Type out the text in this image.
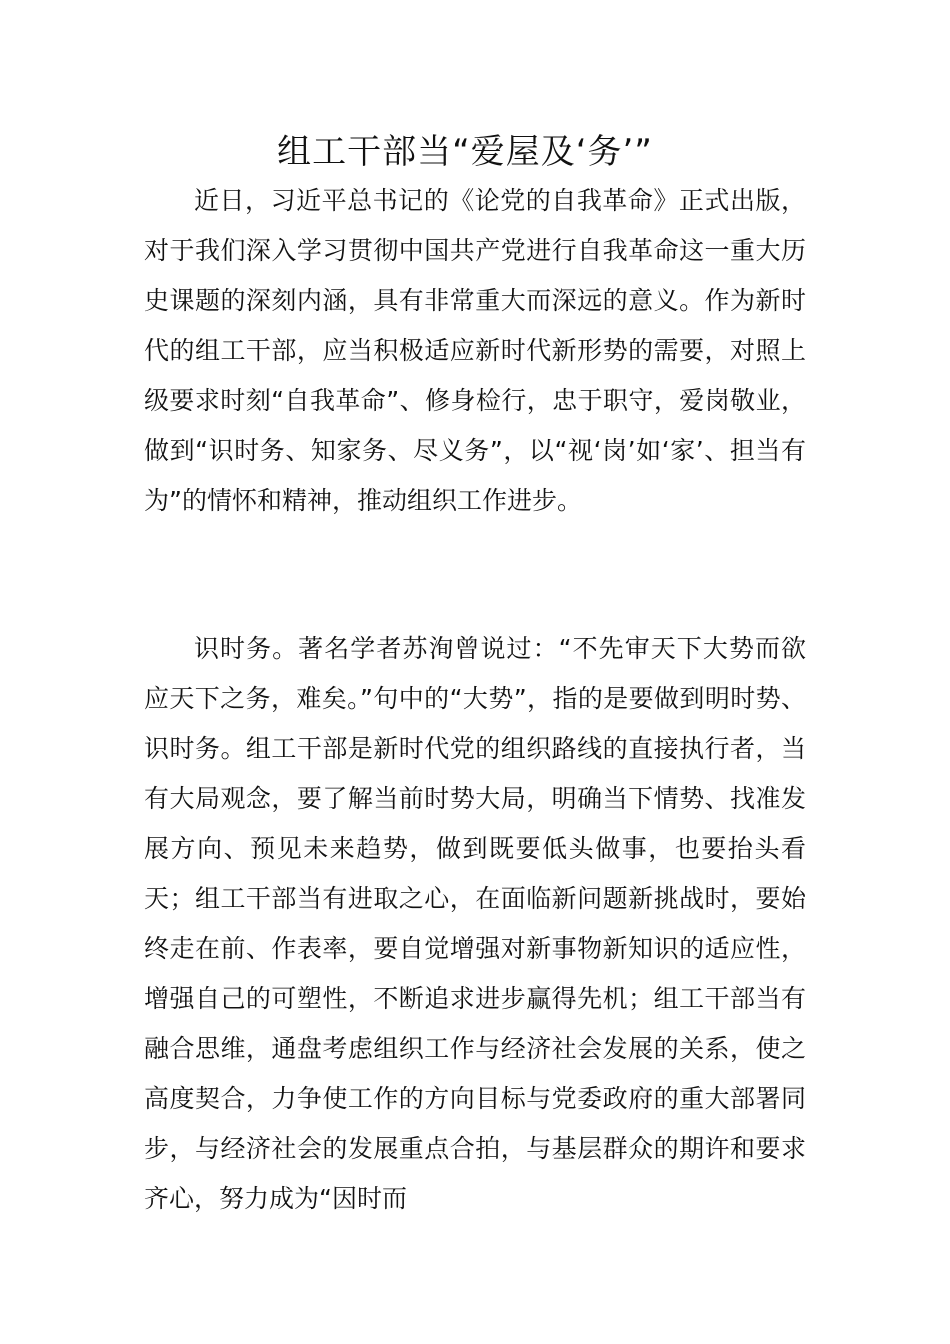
组工干部当“爱屋及‘务’”

近日，习近平总书记的《论党的自我革命》正式出版，对于我们深入学习贯彻中国共产党进行自我革命这一重大历史课题的深刻内涵，具有非常重大而深远的意义。作为新时代的组工干部，应当积极适应新时代新形势的需要，对照上级要求时刻“自我革命”、修身检行，忠于职守，爱岗敬业，做到“识时务、知家务、尽义务”，以“视‘岗’如‘家’、担当有为”的情怀和精神，推动组织工作进步。

识时务。著名学者苏洵曾说过：“不先审天下大势而欲应天下之务，难矣。”句中的“大势”，指的是要做到明时势、识时务。组工干部是新时代党的组织路线的直接执行者，当有大局观念，要了解当前时势大局，明确当下情势、找准发展方向、预见未来趋势，做到既要低头做事，也要抬头看天；组工干部当有进取之心，在面临新问题新挑战时，要始终走在前、作表率，要自觉增强对新事物新知识的适应性，增强自己的可塑性，不断追求进步赢得先机；组工干部当有融合思维，通盘考虑组织工作与经济社会发展的关系，使之高度契合，力争使工作的方向目标与党委政府的重大部署同步，与经济社会的发展重点合拍，与基层群众的期许和要求齐心，努力成为“因时而
